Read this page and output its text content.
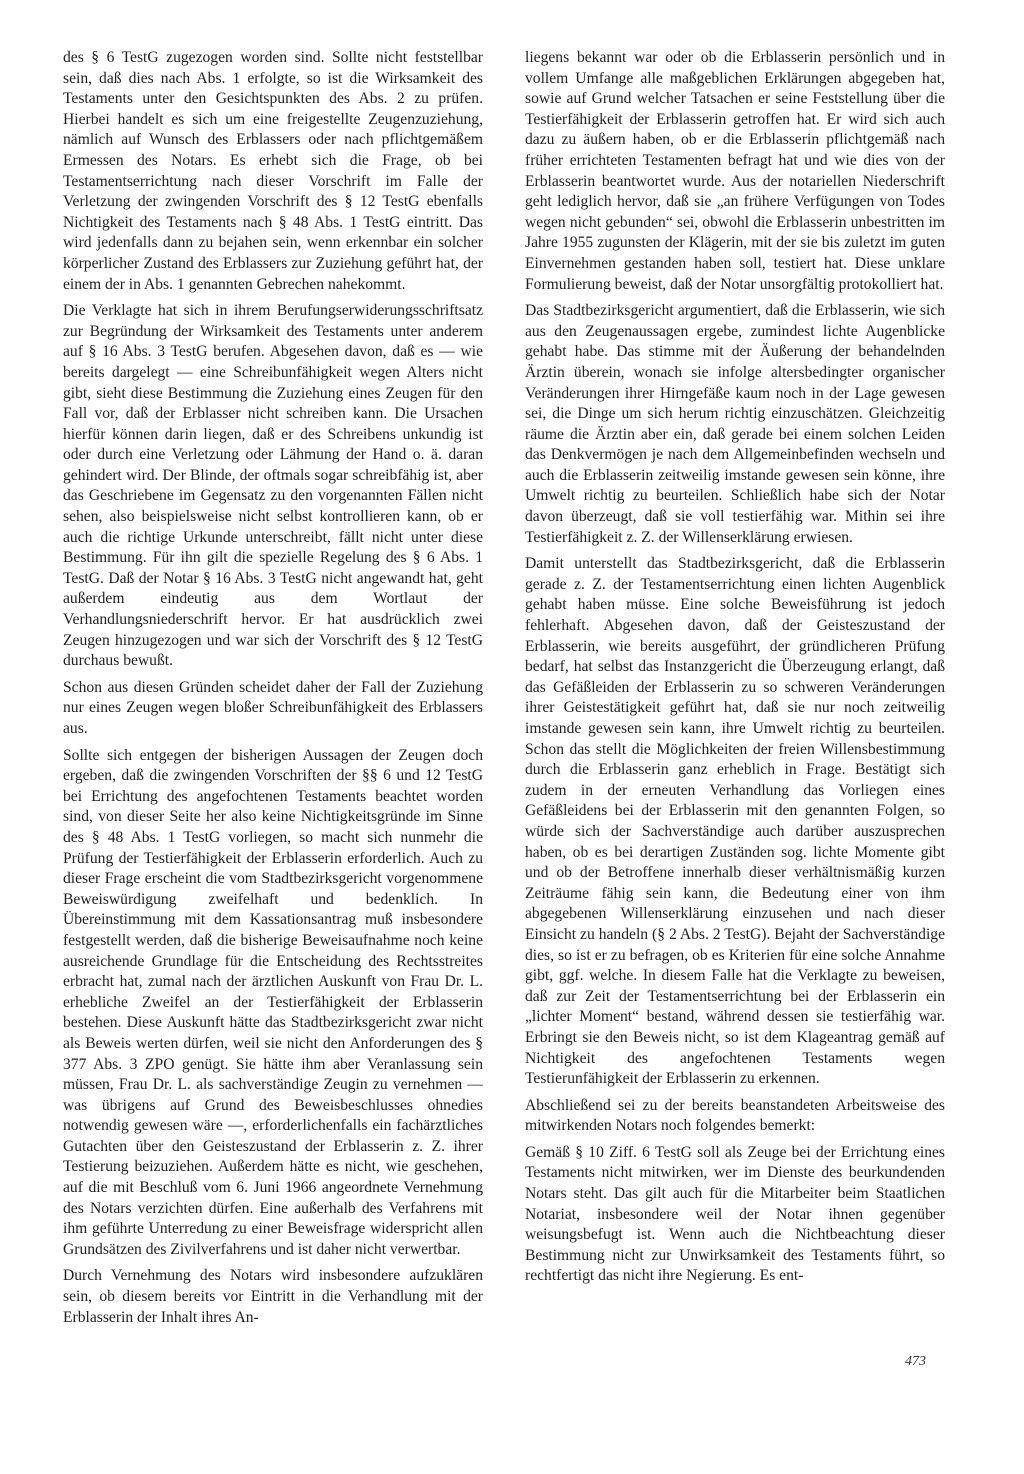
des § 6 TestG zugezogen worden sind. Sollte nicht feststellbar sein, daß dies nach Abs. 1 erfolgte, so ist die Wirksamkeit des Testaments unter den Gesichtspunkten des Abs. 2 zu prüfen. Hierbei handelt es sich um eine freigestellte Zeugenzuziehung, nämlich auf Wunsch des Erblassers oder nach pflichtgemäßem Ermessen des Notars. Es erhebt sich die Frage, ob bei Testamentserrichtung nach dieser Vorschrift im Falle der Verletzung der zwingenden Vorschrift des § 12 TestG ebenfalls Nichtigkeit des Testaments nach § 48 Abs. 1 TestG eintritt. Das wird jedenfalls dann zu bejahen sein, wenn erkennbar ein solcher körperlicher Zustand des Erblassers zur Zuziehung geführt hat, der einem der in Abs. 1 genannten Gebrechen nahekommt.

Die Verklagte hat sich in ihrem Berufungserwiderungsschriftsatz zur Begründung der Wirksamkeit des Testaments unter anderem auf § 16 Abs. 3 TestG berufen. Abgesehen davon, daß es — wie bereits dargelegt — eine Schreibunfähigkeit wegen Alters nicht gibt, sieht diese Bestimmung die Zuziehung eines Zeugen für den Fall vor, daß der Erblasser nicht schreiben kann. Die Ursachen hierfür können darin liegen, daß er des Schreibens unkundig ist oder durch eine Verletzung oder Lähmung der Hand o. ä. daran gehindert wird. Der Blinde, der oftmals sogar schreibfähig ist, aber das Geschriebene im Gegensatz zu den vorgenannten Fällen nicht sehen, also beispielsweise nicht selbst kontrollieren kann, ob er auch die richtige Urkunde unterschreibt, fällt nicht unter diese Bestimmung. Für ihn gilt die spezielle Regelung des § 6 Abs. 1 TestG. Daß der Notar § 16 Abs. 3 TestG nicht angewandt hat, geht außerdem eindeutig aus dem Wortlaut der Verhandlungsniederschrift hervor. Er hat ausdrücklich zwei Zeugen hinzugezogen und war sich der Vorschrift des § 12 TestG durchaus bewußt.

Schon aus diesen Gründen scheidet daher der Fall der Zuziehung nur eines Zeugen wegen bloßer Schreibunfähigkeit des Erblassers aus.

Sollte sich entgegen der bisherigen Aussagen der Zeugen doch ergeben, daß die zwingenden Vorschriften der §§ 6 und 12 TestG bei Errichtung des angefochtenen Testaments beachtet worden sind, von dieser Seite her also keine Nichtigkeitsgründe im Sinne des § 48 Abs. 1 TestG vorliegen, so macht sich nunmehr die Prüfung der Testierfähigkeit der Erblasserin erforderlich. Auch zu dieser Frage erscheint die vom Stadtbezirksgericht vorgenommene Beweiswürdigung zweifelhaft und bedenklich. In Übereinstimmung mit dem Kassationsantrag muß insbesondere festgestellt werden, daß die bisherige Beweisaufnahme noch keine ausreichende Grundlage für die Entscheidung des Rechtsstreites erbracht hat, zumal nach der ärztlichen Auskunft von Frau Dr. L. erhebliche Zweifel an der Testierfähigkeit der Erblasserin bestehen. Diese Auskunft hätte das Stadtbezirksgericht zwar nicht als Beweis werten dürfen, weil sie nicht den Anforderungen des § 377 Abs. 3 ZPO genügt. Sie hätte ihm aber Veranlassung sein müssen, Frau Dr. L. als sachverständige Zeugin zu vernehmen — was übrigens auf Grund des Beweisbeschlusses ohnedies notwendig gewesen wäre —, erforderlichenfalls ein fachärztliches Gutachten über den Geisteszustand der Erblasserin z. Z. ihrer Testierung beizuziehen. Außerdem hätte es nicht, wie geschehen, auf die mit Beschluß vom 6. Juni 1966 angeordnete Vernehmung des Notars verzichten dürfen. Eine außerhalb des Verfahrens mit ihm geführte Unterredung zu einer Beweisfrage widerspricht allen Grundsätzen des Zivilverfahrens und ist daher nicht verwertbar.

Durch Vernehmung des Notars wird insbesondere aufzuklären sein, ob diesem bereits vor Eintritt in die Verhandlung mit der Erblasserin der Inhalt ihres An-

liegens bekannt war oder ob die Erblasserin persönlich und in vollem Umfange alle maßgeblichen Erklärungen abgegeben hat, sowie auf Grund welcher Tatsachen er seine Feststellung über die Testierfähigkeit der Erblasserin getroffen hat. Er wird sich auch dazu zu äußern haben, ob er die Erblasserin pflichtgemäß nach früher errichteten Testamenten befragt hat und wie dies von der Erblasserin beantwortet wurde. Aus der notariellen Niederschrift geht lediglich hervor, daß sie „an frühere Verfügungen von Todes wegen nicht gebunden“ sei, obwohl die Erblasserin unbestritten im Jahre 1955 zugunsten der Klägerin, mit der sie bis zuletzt im guten Einvernehmen gestanden haben soll, testiert hat. Diese unklare Formulierung beweist, daß der Notar unsorgfältig protokolliert hat.

Das Stadtbezirksgericht argumentiert, daß die Erblasserin, wie sich aus den Zeugenaussagen ergebe, zumindest lichte Augenblicke gehabt habe. Das stimme mit der Äußerung der behandelnden Ärztin überein, wonach sie infolge altersbedingter organischer Veränderungen ihrer Hirngefäße kaum noch in der Lage gewesen sei, die Dinge um sich herum richtig einzuschätzen. Gleichzeitig räume die Ärztin aber ein, daß gerade bei einem solchen Leiden das Denkvermögen je nach dem Allgemeinbefinden wechseln und auch die Erblasserin zeitweilig imstande gewesen sein könne, ihre Umwelt richtig zu beurteilen. Schließlich habe sich der Notar davon überzeugt, daß sie voll testierfähig war. Mithin sei ihre Testierfähigkeit z. Z. der Willenserklärung erwiesen.

Damit unterstellt das Stadtbezirksgericht, daß die Erblasserin gerade z. Z. der Testamentserrichtung einen lichten Augenblick gehabt haben müsse. Eine solche Beweisführung ist jedoch fehlerhaft. Abgesehen davon, daß der Geisteszustand der Erblasserin, wie bereits ausgeführt, der gründlicheren Prüfung bedarf, hat selbst das Instanzgericht die Überzeugung erlangt, daß das Gefäßleiden der Erblasserin zu so schweren Veränderungen ihrer Geistestätigkeit geführt hat, daß sie nur noch zeitweilig imstande gewesen sein kann, ihre Umwelt richtig zu beurteilen. Schon das stellt die Möglichkeiten der freien Willensbestimmung durch die Erblasserin ganz erheblich in Frage. Bestätigt sich zudem in der erneuten Verhandlung das Vorliegen eines Gefäßleidens bei der Erblasserin mit den genannten Folgen, so würde sich der Sachverständige auch darüber auszusprechen haben, ob es bei derartigen Zuständen sog. lichte Momente gibt und ob der Betroffene innerhalb dieser verhältnismäßig kurzen Zeiträume fähig sein kann, die Bedeutung einer von ihm abgegebenen Willenserklärung einzusehen und nach dieser Einsicht zu handeln (§ 2 Abs. 2 TestG). Bejaht der Sachverständige dies, so ist er zu befragen, ob es Kriterien für eine solche Annahme gibt, ggf. welche. In diesem Falle hat die Verklagte zu beweisen, daß zur Zeit der Testamentserrichtung bei der Erblasserin ein „lichter Moment“ bestand, während dessen sie testierfähig war. Erbringt sie den Beweis nicht, so ist dem Klageantrag gemäß auf Nichtigkeit des angefochtenen Testaments wegen Testierunfähigkeit der Erblasserin zu erkennen.

Abschließend sei zu der bereits beanstandeten Arbeitsweise des mitwirkenden Notars noch folgendes bemerkt:

Gemäß § 10 Ziff. 6 TestG soll als Zeuge bei der Errichtung eines Testaments nicht mitwirken, wer im Dienste des beurkundenden Notars steht. Das gilt auch für die Mitarbeiter beim Staatlichen Notariat, insbesondere weil der Notar ihnen gegenüber weisungsbefugt ist. Wenn auch die Nichtbeachtung dieser Bestimmung nicht zur Unwirksamkeit des Testaments führt, so rechtfertigt das nicht ihre Negierung. Es ent-

473
